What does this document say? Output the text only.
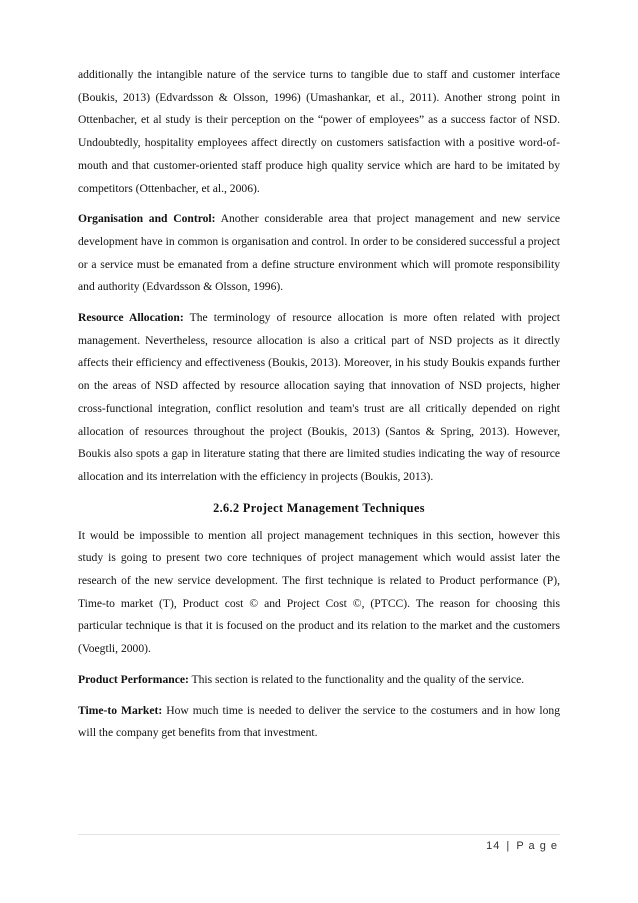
additionally the intangible nature of the service turns to tangible due to staff and customer interface (Boukis, 2013) (Edvardsson & Olsson, 1996) (Umashankar, et al., 2011). Another strong point in Ottenbacher, et al study is their perception on the “power of employees” as a success factor of NSD. Undoubtedly, hospitality employees affect directly on customers satisfaction with a positive word-of-mouth and that customer-oriented staff produce high quality service which are hard to be imitated by competitors (Ottenbacher, et al., 2006).

Organisation and Control: Another considerable area that project management and new service development have in common is organisation and control. In order to be considered successful a project or a service must be emanated from a define structure environment which will promote responsibility and authority (Edvardsson & Olsson, 1996).

Resource Allocation: The terminology of resource allocation is more often related with project management. Nevertheless, resource allocation is also a critical part of NSD projects as it directly affects their efficiency and effectiveness (Boukis, 2013). Moreover, in his study Boukis expands further on the areas of NSD affected by resource allocation saying that innovation of NSD projects, higher cross-functional integration, conflict resolution and team's trust are all critically depended on right allocation of resources throughout the project (Boukis, 2013) (Santos & Spring, 2013). However, Boukis also spots a gap in literature stating that there are limited studies indicating the way of resource allocation and its interrelation with the efficiency in projects (Boukis, 2013).

2.6.2 Project Management Techniques

It would be impossible to mention all project management techniques in this section, however this study is going to present two core techniques of project management which would assist later the research of the new service development. The first technique is related to Product performance (P), Time-to market (T), Product cost © and Project Cost ©, (PTCC). The reason for choosing this particular technique is that it is focused on the product and its relation to the market and the customers (Voegtli, 2000).

Product Performance: This section is related to the functionality and the quality of the service.

Time-to Market: How much time is needed to deliver the service to the costumers and in how long will the company get benefits from that investment.

14 | P a g e
